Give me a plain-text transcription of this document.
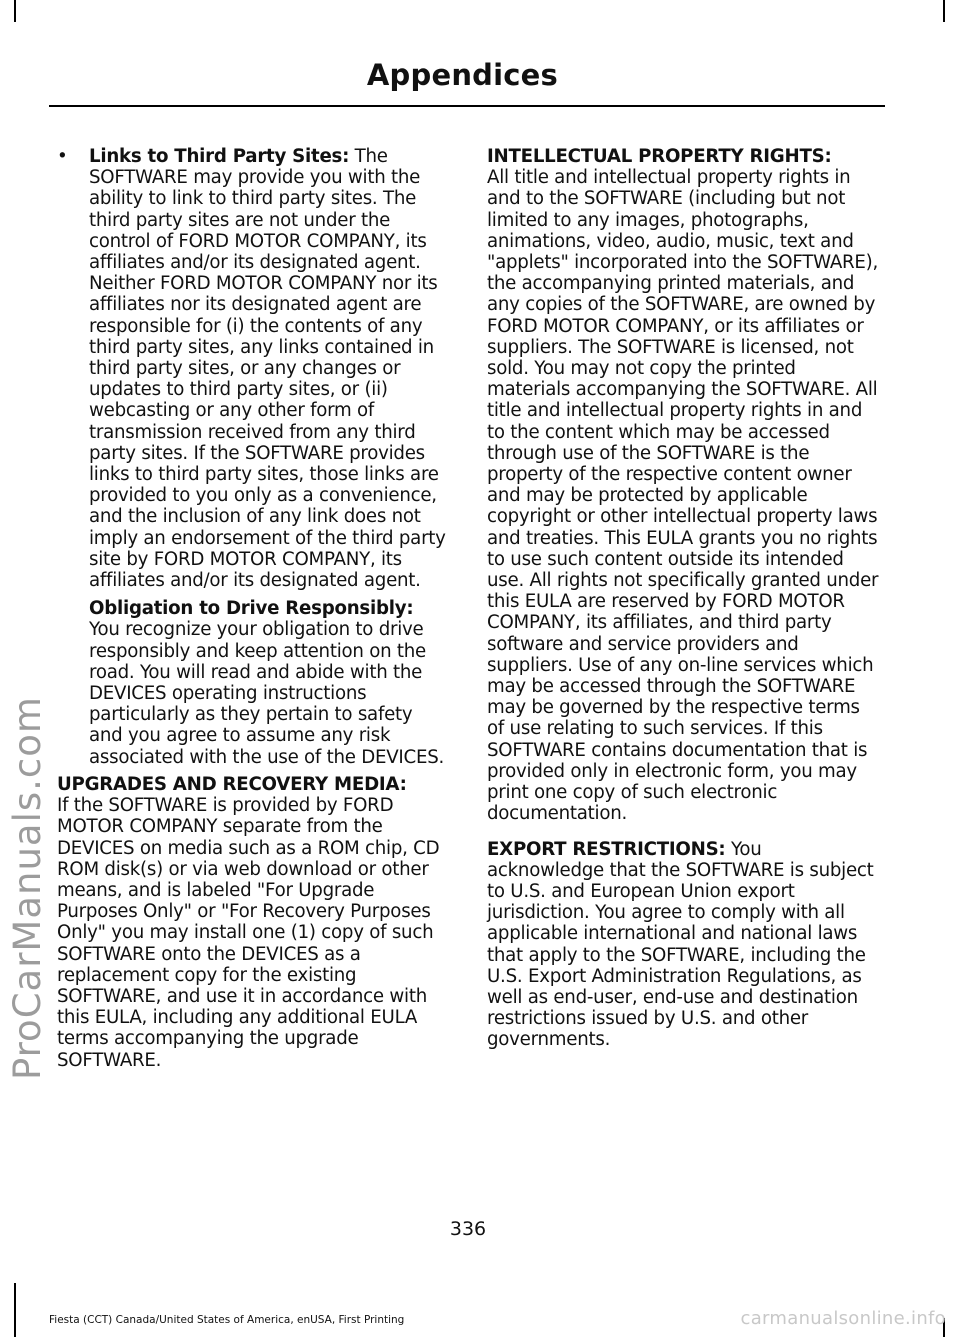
ProCarManuals.com
Appendices
• Links to Third Party Sites: The SOFTWARE may provide you with the ability to link to third party sites. The third party sites are not under the control of FORD MOTOR COMPANY, its affiliates and/or its designated agent. Neither FORD MOTOR COMPANY nor its affiliates nor its designated agent are responsible for (i) the contents of any third party sites, any links contained in third party sites, or any changes or updates to third party sites, or (ii) webcasting or any other form of transmission received from any third party sites. If the SOFTWARE provides links to third party sites, those links are provided to you only as a convenience, and the inclusion of any link does not imply an endorsement of the third party site by FORD MOTOR COMPANY, its affiliates and/or its designated agent.
Obligation to Drive Responsibly:
You recognize your obligation to drive responsibly and keep attention on the road. You will read and abide with the DEVICES operating instructions particularly as they pertain to safety and you agree to assume any risk associated with the use of the DEVICES.
UPGRADES AND RECOVERY MEDIA:
If the SOFTWARE is provided by FORD MOTOR COMPANY separate from the DEVICES on media such as a ROM chip, CD ROM disk(s) or via web download or other means, and is labeled "For Upgrade Purposes Only" or "For Recovery Purposes Only" you may install one (1) copy of such SOFTWARE onto the DEVICES as a replacement copy for the existing SOFTWARE, and use it in accordance with this EULA, including any additional EULA terms accompanying the upgrade SOFTWARE.
INTELLECTUAL PROPERTY RIGHTS:
All title and intellectual property rights in and to the SOFTWARE (including but not limited to any images, photographs, animations, video, audio, music, text and "applets" incorporated into the SOFTWARE), the accompanying printed materials, and any copies of the SOFTWARE, are owned by FORD MOTOR COMPANY, or its affiliates or suppliers. The SOFTWARE is licensed, not sold. You may not copy the printed materials accompanying the SOFTWARE. All title and intellectual property rights in and to the content which may be accessed through use of the SOFTWARE is the property of the respective content owner and may be protected by applicable copyright or other intellectual property laws and treaties. This EULA grants you no rights to use such content outside its intended use. All rights not specifically granted under this EULA are reserved by FORD MOTOR COMPANY, its affiliates, and third party software and service providers and suppliers. Use of any on-line services which may be accessed through the SOFTWARE may be governed by the respective terms of use relating to such services. If this SOFTWARE contains documentation that is provided only in electronic form, you may print one copy of such electronic documentation.
EXPORT RESTRICTIONS: You acknowledge that the SOFTWARE is subject to U.S. and European Union export jurisdiction. You agree to comply with all applicable international and national laws that apply to the SOFTWARE, including the U.S. Export Administration Regulations, as well as end-user, end-use and destination restrictions issued by U.S. and other governments.
336
Fiesta (CCT) Canada/United States of America, enUSA, First Printing	carmanualsonline.info
